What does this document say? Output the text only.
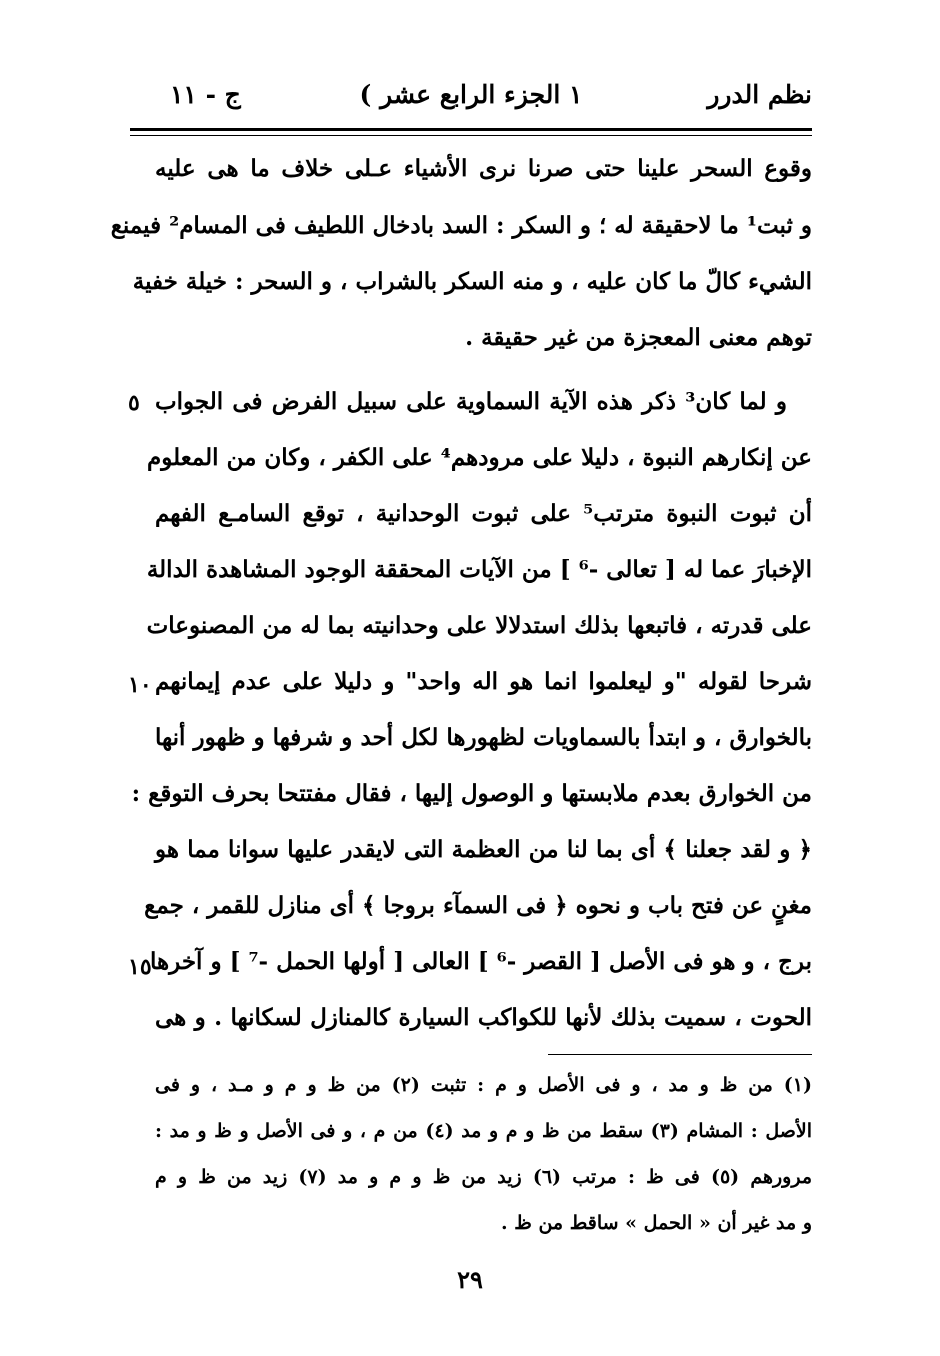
نظم الدرر
١ الجزء الرابع عشر )
ج - ١١
وقوع السحر علينا حتى صرنا نرى الأشياء عـلى خلاف ما هى عليه
و ثبت¹ ما لاحقيقة له ؛ و السكر : السد بادخال اللطيف فى المسام² فيمنع
الشيء كالّ ما كان عليه ، و منه السكر بالشراب ، و السحر : خيلة خفية
توهم معنى المعجزة من غير حقيقة .
و لما كان³ ذكر هذه الآية السماوية على سبيل الفرض فى الجواب
٥
عن إنكارهم النبوة ، دليلا على مرودهم⁴ على الكفر ، وكان من المعلوم
أن ثبوت النبوة مترتب⁵ على ثبوت الوحدانية ، توقع السامـع الفهم
الإخبارَ عما له [ تعالى -⁶ ] من الآيات المحققة الوجود المشاهدة الدالة
على قدرته ، فاتبعها بذلك استدلالا على وحدانيته بما له من المصنوعات
شرحا لقوله "و ليعلموا انما هو اله واحد" و دليلا على عدم إيمانهم
١٠
بالخوارق ، و ابتدأ بالسماويات لظهورها لكل أحد و شرفها و ظهور أنها
من الخوارق بعدم ملابستها و الوصول إليها ، فقال مفتتحا بحرف التوقع :
﴿ و لقد جعلنا ﴾ أى بما لنا من العظمة التى لايقدر عليها سوانا مما هو
مغنٍ عن فتح باب و نحوه ﴿ فى السمآء بروجا ﴾ أى منازل للقمر ، جمع
برج ، و هو فى الأصل [ القصر -⁶ ] العالى [ أولها الحمل -⁷ ] و آخرها
١٥
الحوت ، سميت بذلك لأنها للكواكب السيارة كالمنازل لسكانها . و هى
(١) من ظ و مد ، و فى الأصل و م : تثبت (٢) من ظ و م و مـد ، و فى
الأصل : المشام (٣) سقط من ظ و م و مد (٤) من م ، و فى الأصل و ظ و مد :
مرورهم (٥) فى ظ : مرتب (٦) زيد من ظ و م و مد (٧) زيد من ظ و م
و مد غير أن « الحمل » ساقط من ظ .
٢٩
